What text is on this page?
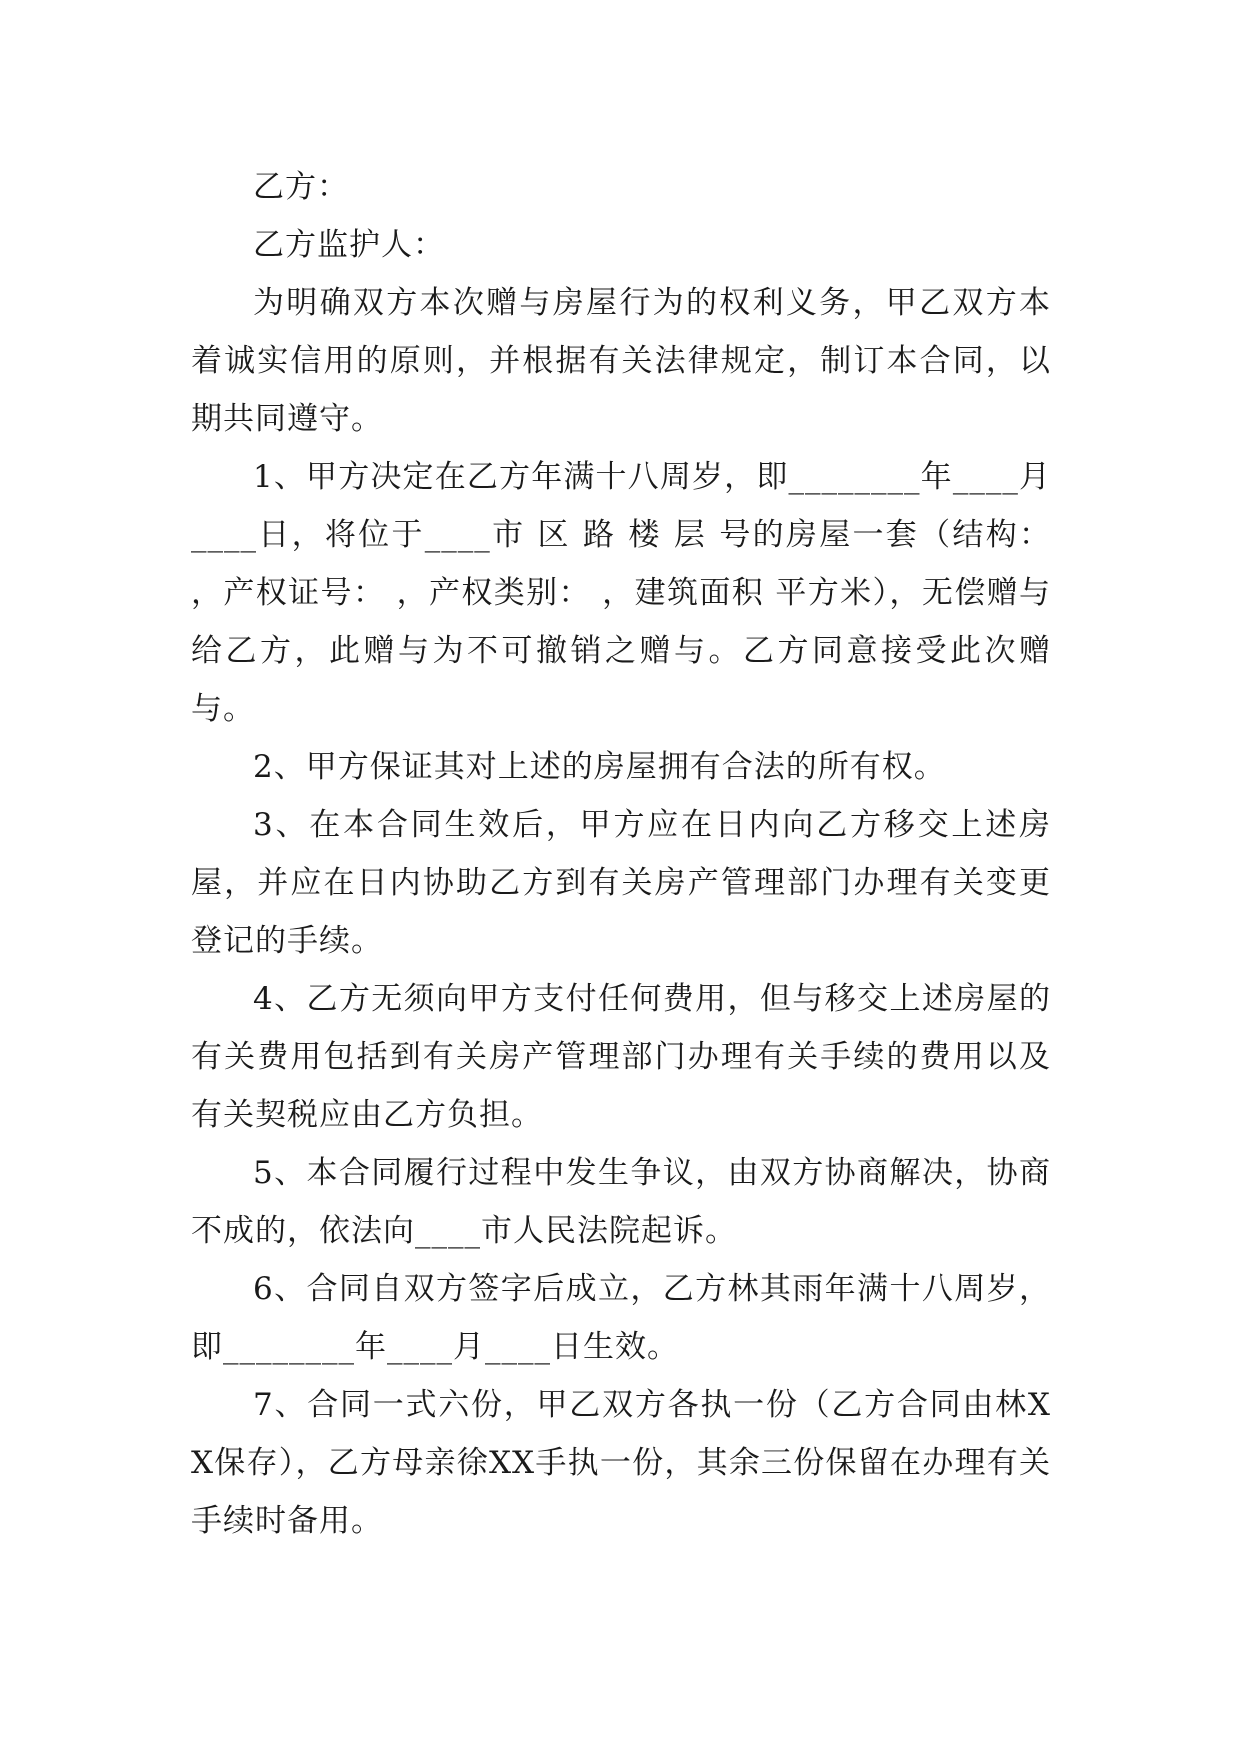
乙方：

乙方监护人：

为明确双方本次赠与房屋行为的权利义务，甲乙双方本着诚实信用的原则，并根据有关法律规定，制订本合同，以期共同遵守。

1、甲方决定在乙方年满十八周岁，即________年____月____日，将位于____市 区 路 楼 层 号的房屋一套（结构： ，产权证号： ，产权类别： ，建筑面积 平方米），无偿赠与给乙方，此赠与为不可撤销之赠与。乙方同意接受此次赠与。

2、甲方保证其对上述的房屋拥有合法的所有权。

3、在本合同生效后，甲方应在日内向乙方移交上述房屋，并应在日内协助乙方到有关房产管理部门办理有关变更登记的手续。

4、乙方无须向甲方支付任何费用，但与移交上述房屋的有关费用包括到有关房产管理部门办理有关手续的费用以及有关契税应由乙方负担。

5、本合同履行过程中发生争议，由双方协商解决，协商不成的，依法向____市人民法院起诉。

6、合同自双方签字后成立，乙方林其雨年满十八周岁，即________年____月____日生效。

7、合同一式六份，甲乙双方各执一份（乙方合同由林XX保存），乙方母亲徐XX手执一份，其余三份保留在办理有关手续时备用。
